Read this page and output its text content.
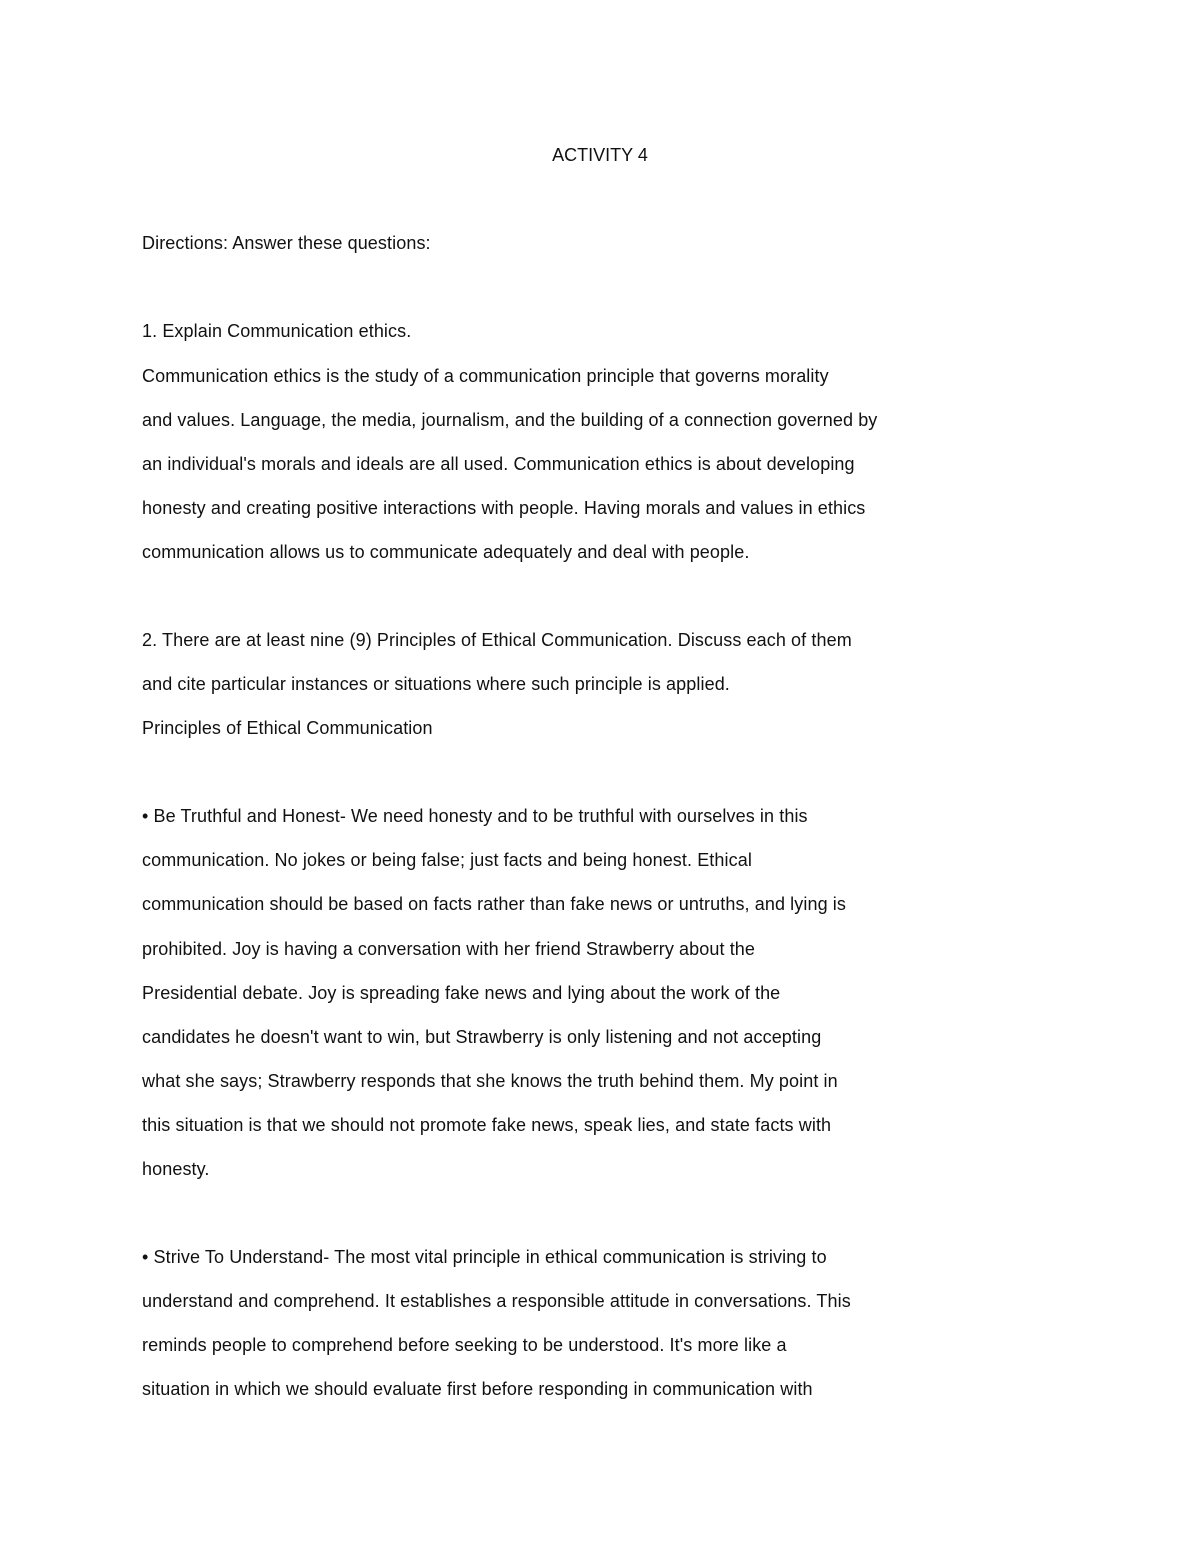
ACTIVITY 4
Directions: Answer these questions:
1. Explain Communication ethics.
Communication ethics is the study of a communication principle that governs morality
and values. Language, the media, journalism, and the building of a connection governed by
an individual's morals and ideals are all used. Communication ethics is about developing
honesty and creating positive interactions with people. Having morals and values in ethics
communication allows us to communicate adequately and deal with people.
2. There are at least nine (9) Principles of Ethical Communication. Discuss each of them
and cite particular instances or situations where such principle is applied.
Principles of Ethical Communication
• Be Truthful and Honest- We need honesty and to be truthful with ourselves in this
communication. No jokes or being false; just facts and being honest. Ethical
communication should be based on facts rather than fake news or untruths, and lying is
prohibited. Joy is having a conversation with her friend Strawberry about the
Presidential debate. Joy is spreading fake news and lying about the work of the
candidates he doesn't want to win, but Strawberry is only listening and not accepting
what she says; Strawberry responds that she knows the truth behind them. My point in
this situation is that we should not promote fake news, speak lies, and state facts with
honesty.
• Strive To Understand- The most vital principle in ethical communication is striving to
understand and comprehend. It establishes a responsible attitude in conversations. This
reminds people to comprehend before seeking to be understood. It's more like a
situation in which we should evaluate first before responding in communication with
